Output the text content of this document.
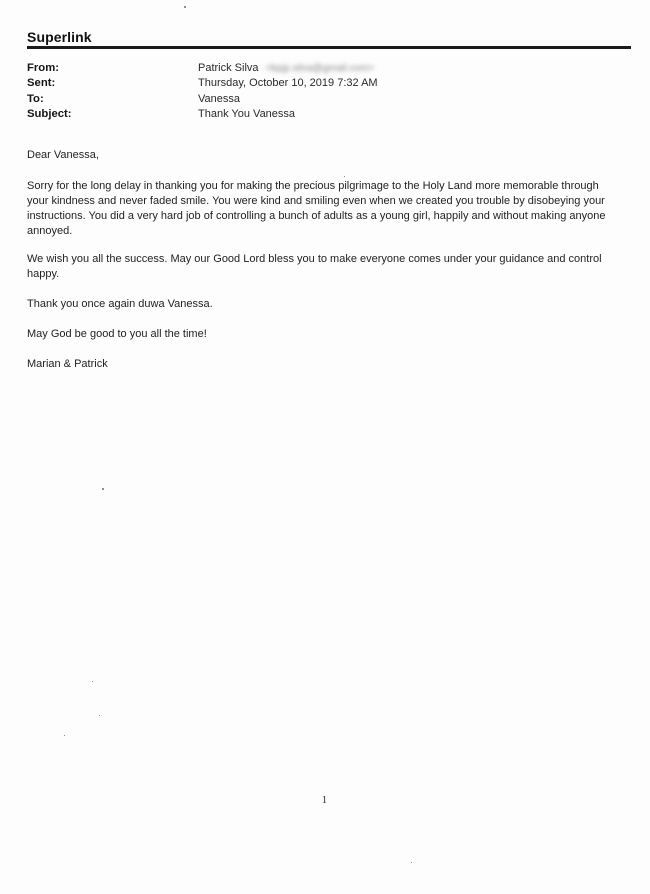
Superlink
From:	Patrick Silva <kpjp.silva@gmail.com>
Sent:	Thursday, October 10, 2019 7:32 AM
To:	Vanessa
Subject:	Thank You Vanessa

Dear Vanessa,

Sorry for the long delay in thanking you for making the precious pilgrimage to the Holy Land more memorable through
your kindness and never faded smile. You were kind and smiling even when we created you trouble by disobeying your
instructions. You did a very hard job of controlling a bunch of adults as a young girl, happily and without making anyone
annoyed.
We wish you all the success. May our Good Lord bless you to make everyone comes under your guidance and control
happy.

Thank you once again duwa Vanessa.

May God be good to you all the time!

Marian & Patrick

1
